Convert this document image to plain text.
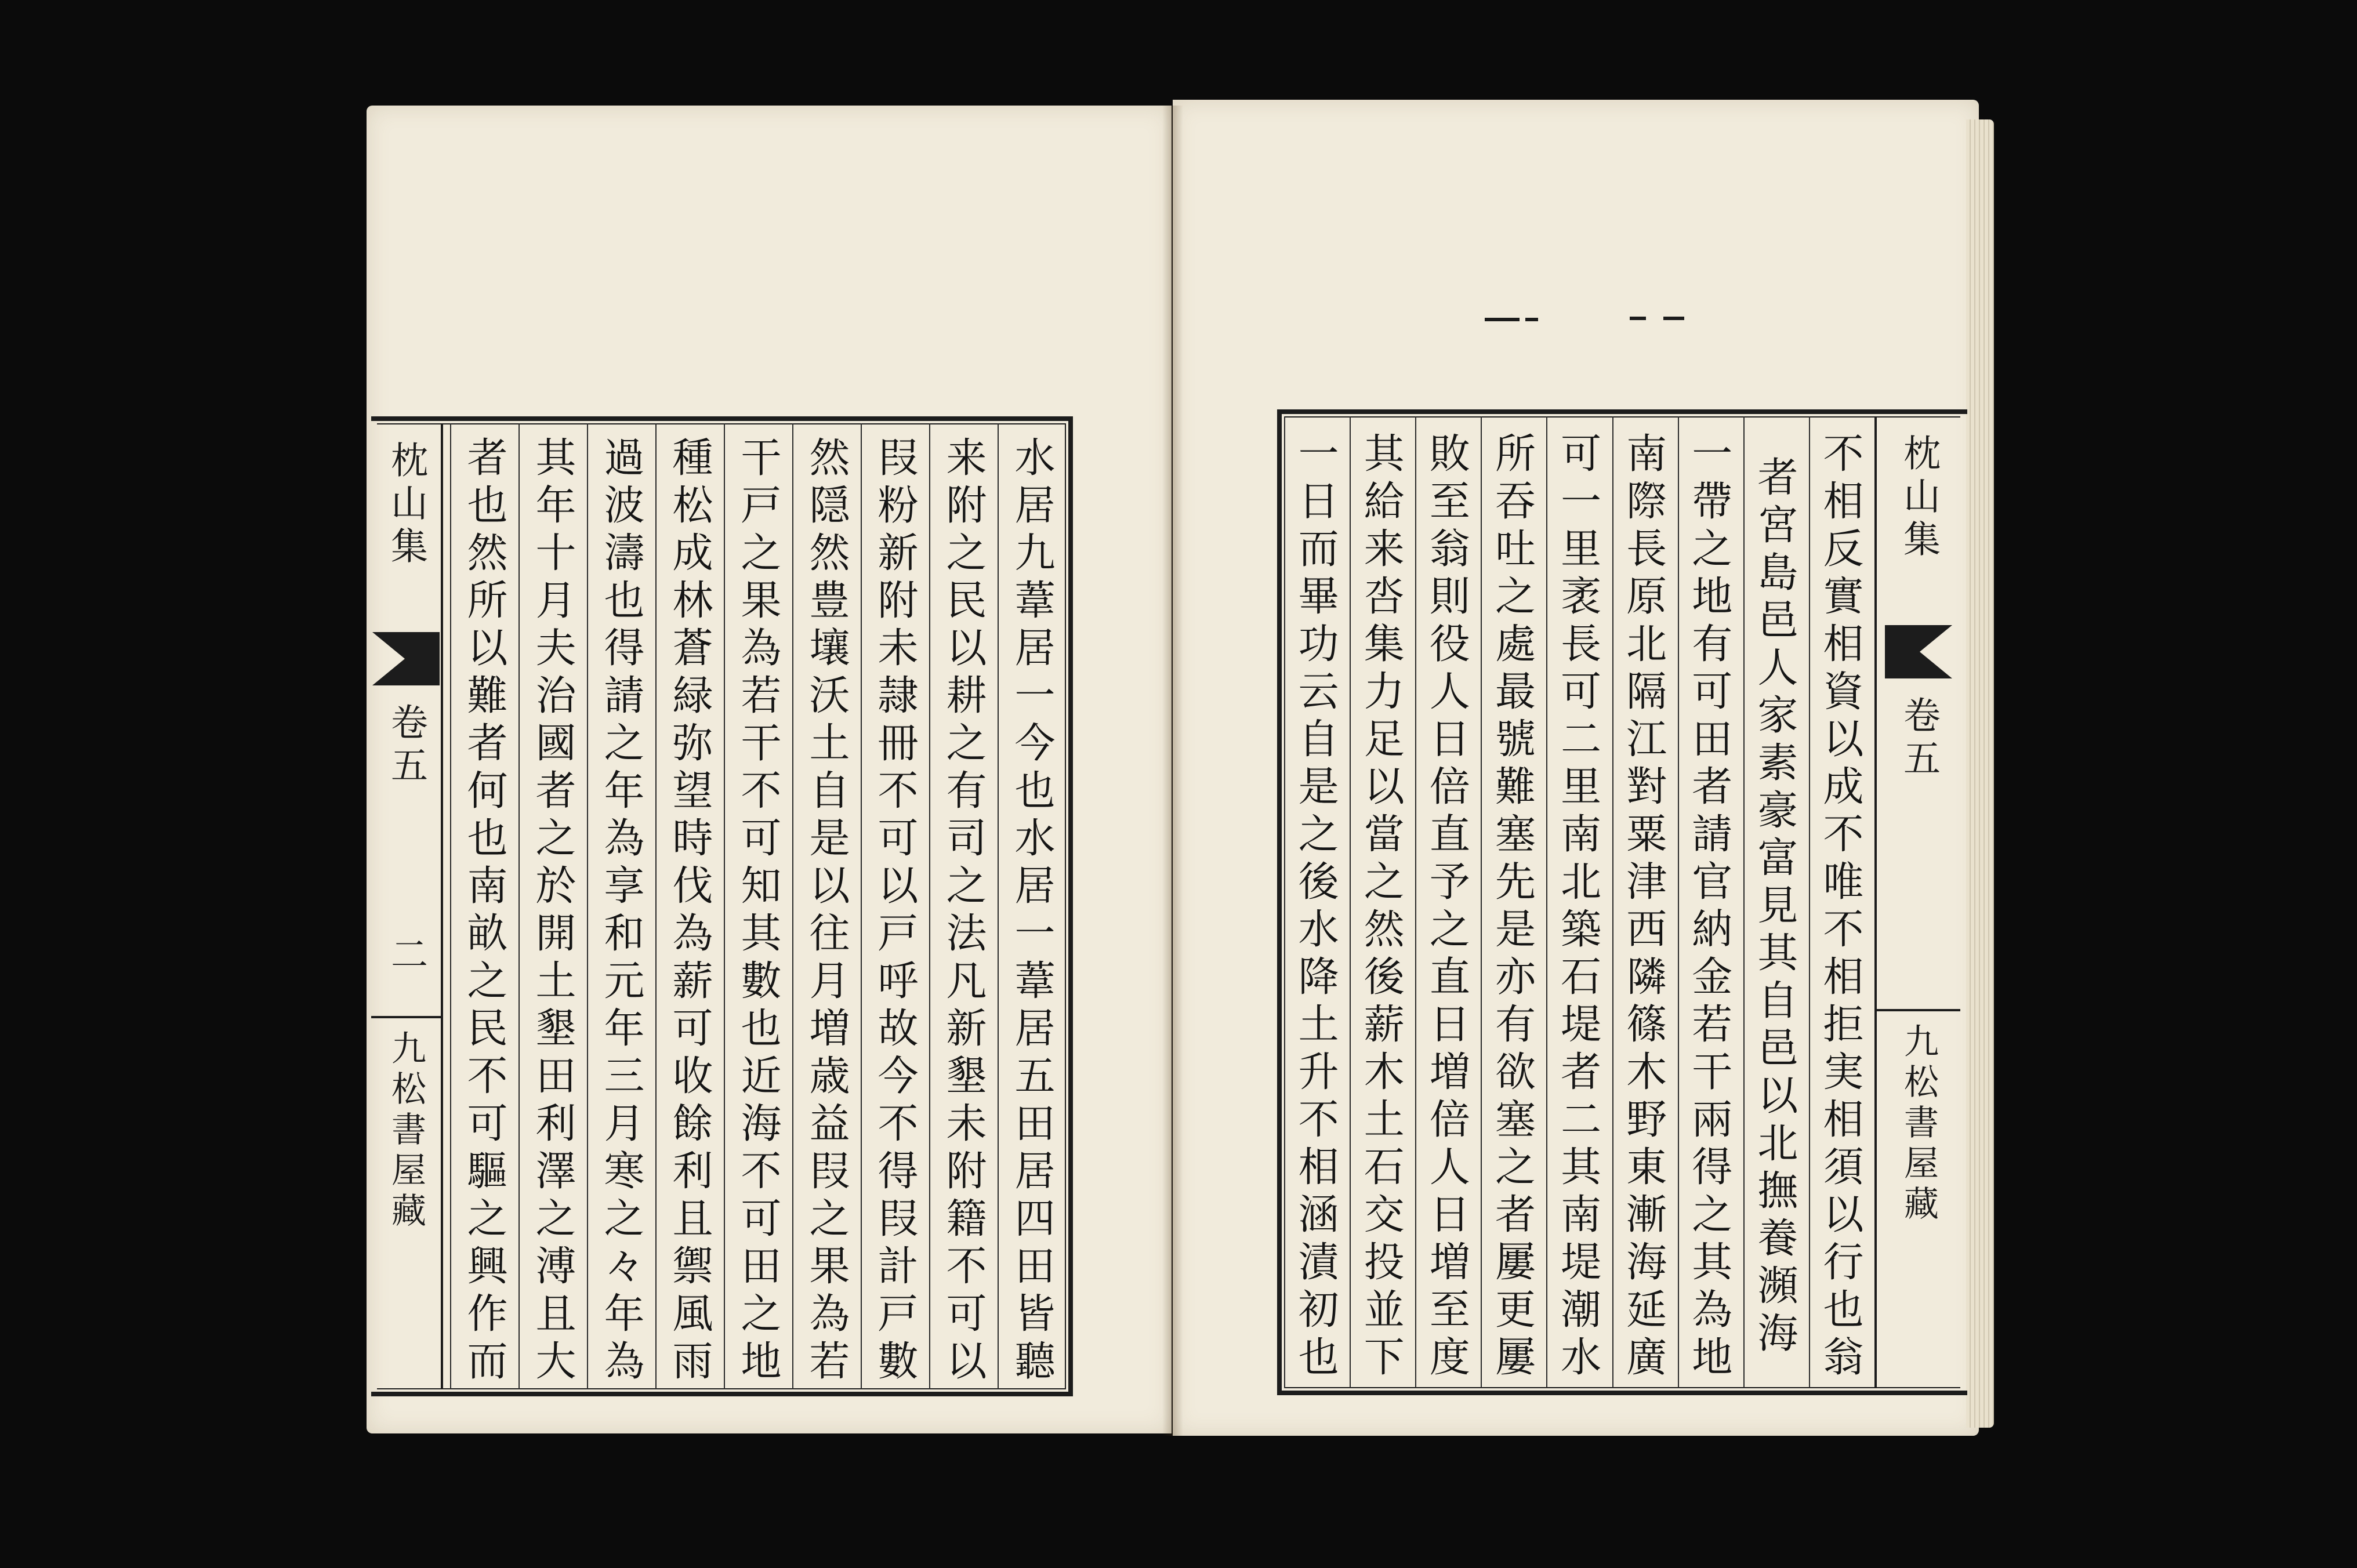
枕山集
卷五
二
九松書屋藏	水居九葦居一今也水居一葦居五田居四田皆聽
来附之民以耕之有司之法凡新墾未附籍不可以
叚粉新附未隷冊不可以戸呼故今不得叚計戸數
然隠然豊壤沃土自是以往月増歳益叚之果為若
干戸之果為若干不可知其數也近海不可田之地
種松成林蒼緑弥望時伐為薪可收餘利且禦風雨
過波濤也得請之年為享和元年三月寒之々年為
其年十月夫治國者之於開土墾田利澤之溥且大
者也然所以難者何也南畝之民不可驅之興作而	枕山集
卷五
九松書屋藏
不相反實相資以成不唯不相拒実相須以行也翁
者宮島邑人家素豪富見其自邑以北撫養瀕海
一帶之地有可田者請官納金若干兩得之其為地
南際長原北隔江對粟津西隣篠木野東漸海延廣
可一里袤長可二里南北築石堤者二其南堤潮水
所吞吐之處最號難塞先是亦有欲塞之者屢更屢
敗至翁則役人日倍直予之直日増倍人日増至度
其給来呇集力足以當之然後薪木土石交投並下
一日而畢功云自是之後水降土升不相涵漬初也
